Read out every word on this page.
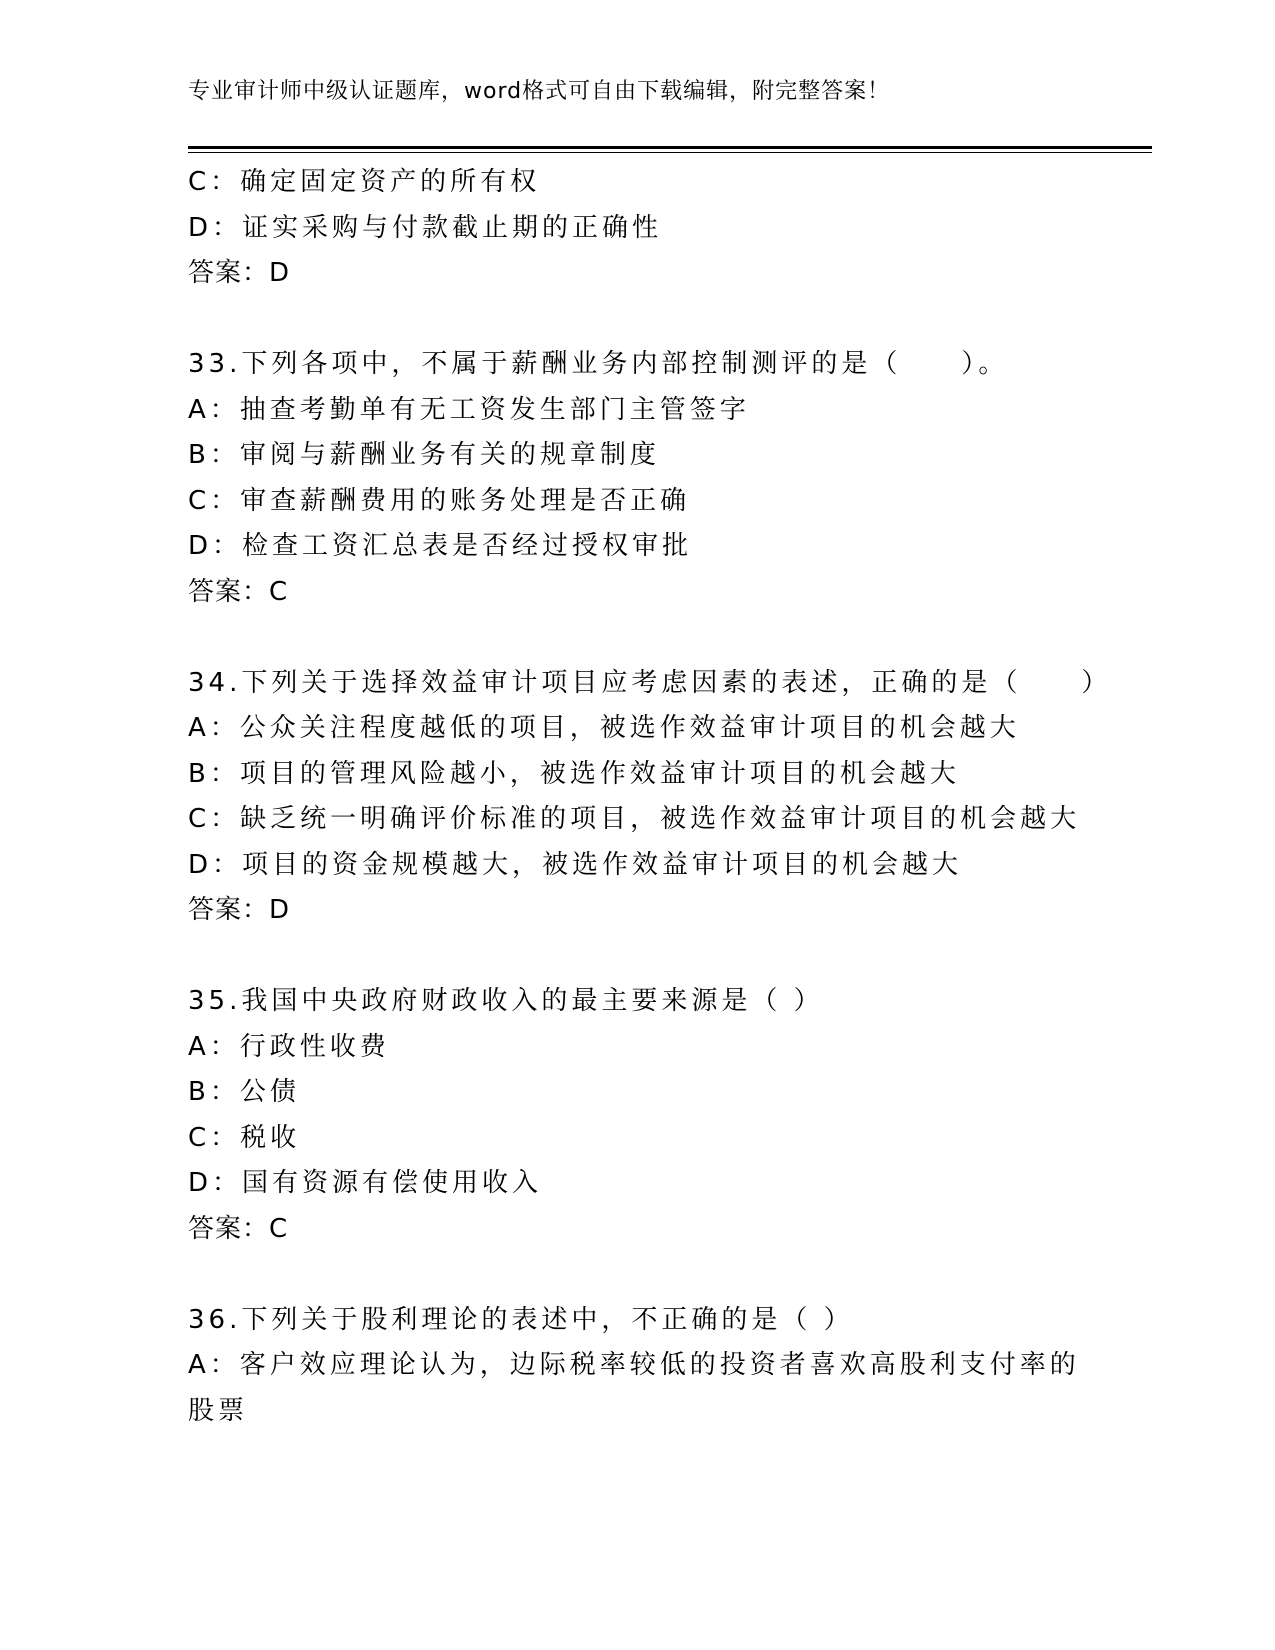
专业审计师中级认证题库，word格式可自由下载编辑，附完整答案！
C：确定固定资产的所有权
D：证实采购与付款截止期的正确性
答案：D
33.下列各项中，不属于薪酬业务内部控制测评的是（　　）。
A：抽查考勤单有无工资发生部门主管签字
B：审阅与薪酬业务有关的规章制度
C：审查薪酬费用的账务处理是否正确
D：检查工资汇总表是否经过授权审批
答案：C
34.下列关于选择效益审计项目应考虑因素的表述，正确的是（　　）
A：公众关注程度越低的项目，被选作效益审计项目的机会越大
B：项目的管理风险越小，被选作效益审计项目的机会越大
C：缺乏统一明确评价标准的项目，被选作效益审计项目的机会越大
D：项目的资金规模越大，被选作效益审计项目的机会越大
答案：D
35.我国中央政府财政收入的最主要来源是（ ）
A：行政性收费
B：公债
C：税收
D：国有资源有偿使用收入
答案：C
36.下列关于股利理论的表述中，不正确的是（ ）
A：客户效应理论认为，边际税率较低的投资者喜欢高股利支付率的股票
